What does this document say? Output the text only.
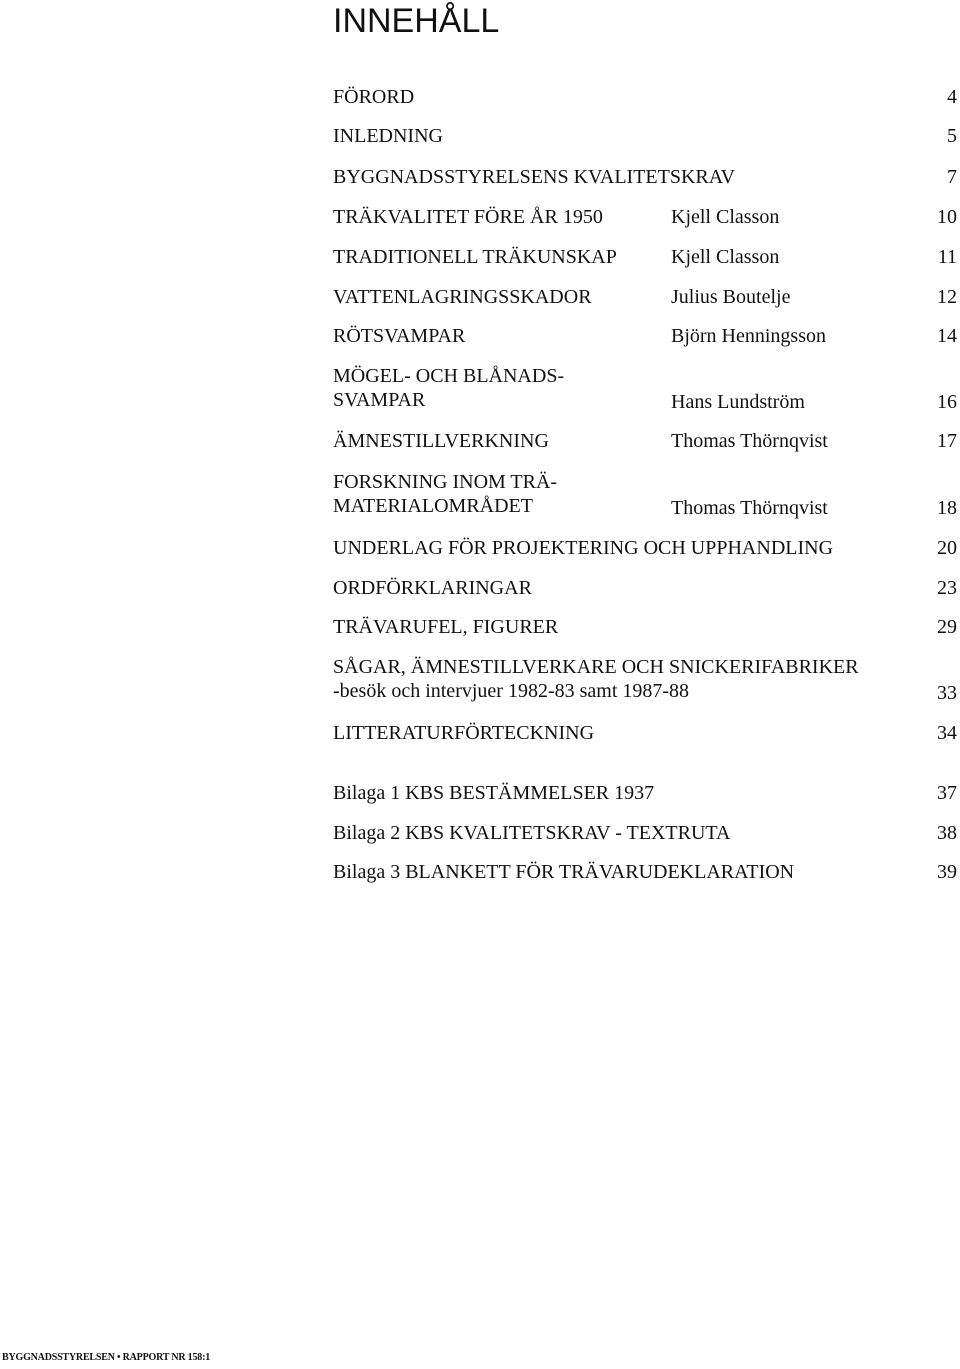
INNEHÅLL
FÖRORD	4
INLEDNING	5
BYGGNADSSTYRELSENS KVALITETSKRAV	7
TRÄKVALITET FÖRE ÅR 1950	Kjell Classon	10
TRADITIONELL TRÄKUNSKAP	Kjell Classon	11
VATTENLAGRINGSSKADOR	Julius Boutelje	12
RÖTSVAMPAR	Björn Henningsson	14
MÖGEL- OCH BLÅNADS-
SVAMPAR	Hans Lundström	16
ÄMNESTILLVERKNING	Thomas Thörnqvist	17
FORSKNING INOM TRÄ-
MATERIALOMRÅDET	Thomas Thörnqvist	18
UNDERLAG FÖR PROJEKTERING OCH UPPHANDLING	20
ORDFÖRKLARINGAR	23
TRÄVARUFEL, FIGURER	29
SÅGAR, ÄMNESTILLVERKARE OCH SNICKERIFABRIKER
-besök och intervjuer 1982-83 samt 1987-88	33
LITTERATURFÖRTECKNING	34
Bilaga 1 KBS BESTÄMMELSER 1937	37
Bilaga 2 KBS KVALITETSKRAV - TEXTRUTA	38
Bilaga 3 BLANKETT FÖR TRÄVARUDEKLARATION	39
BYGGNADSSTYRELSEN • RAPPORT NR 158:1
